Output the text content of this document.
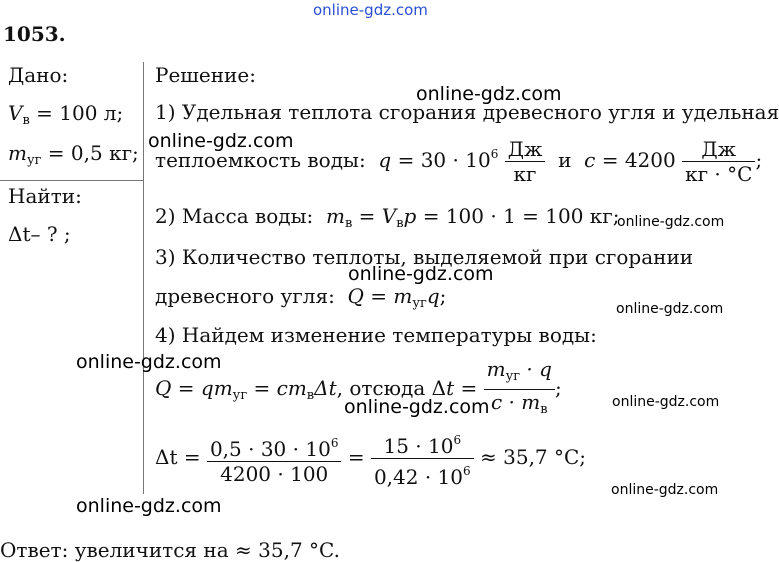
online-gdz.com
1053.
Дано:
$V_в = 100$ л;
$m_{уг} = 0,5$ кг;
Найти:
Δt– ? ;
Решение:
1) Удельная теплота сгорания древесного угля и удельная
теплоемкость воды: $q = 30 \cdot 10^6 \frac{Дж}{кг}$ и $c = 4200 \frac{Дж}{кг \cdot ^\circ C}$ ;
2) Масса воды: $m_в = V_вp = 100 \cdot 1 = 100$ кг;
3) Количество теплоты, выделяемой при сгорании
древесного угля: $Q = m_{уг}q$;
4) Найдем изменение температуры воды:
$Q = qm_{уг} = cm_в\Delta t$, отсюда $\Delta t = \frac{m_{уг} \cdot q}{c \cdot m_в}$ ;
$\Delta t = \frac{0,5 \cdot 30 \cdot 10^6}{4200 \cdot 100} = \frac{15 \cdot 10^6}{0,42 \cdot 10^6} \approx 35,7$ °C;
Ответ: увеличится на ≈ 35,7 °C.
online-gdz.com
online-gdz.com
online-gdz.com
online-gdz.com
online-gdz.com
online-gdz.com
online-gdz.com	online-gdz.com
online-gdz.com
online-gdz.com
